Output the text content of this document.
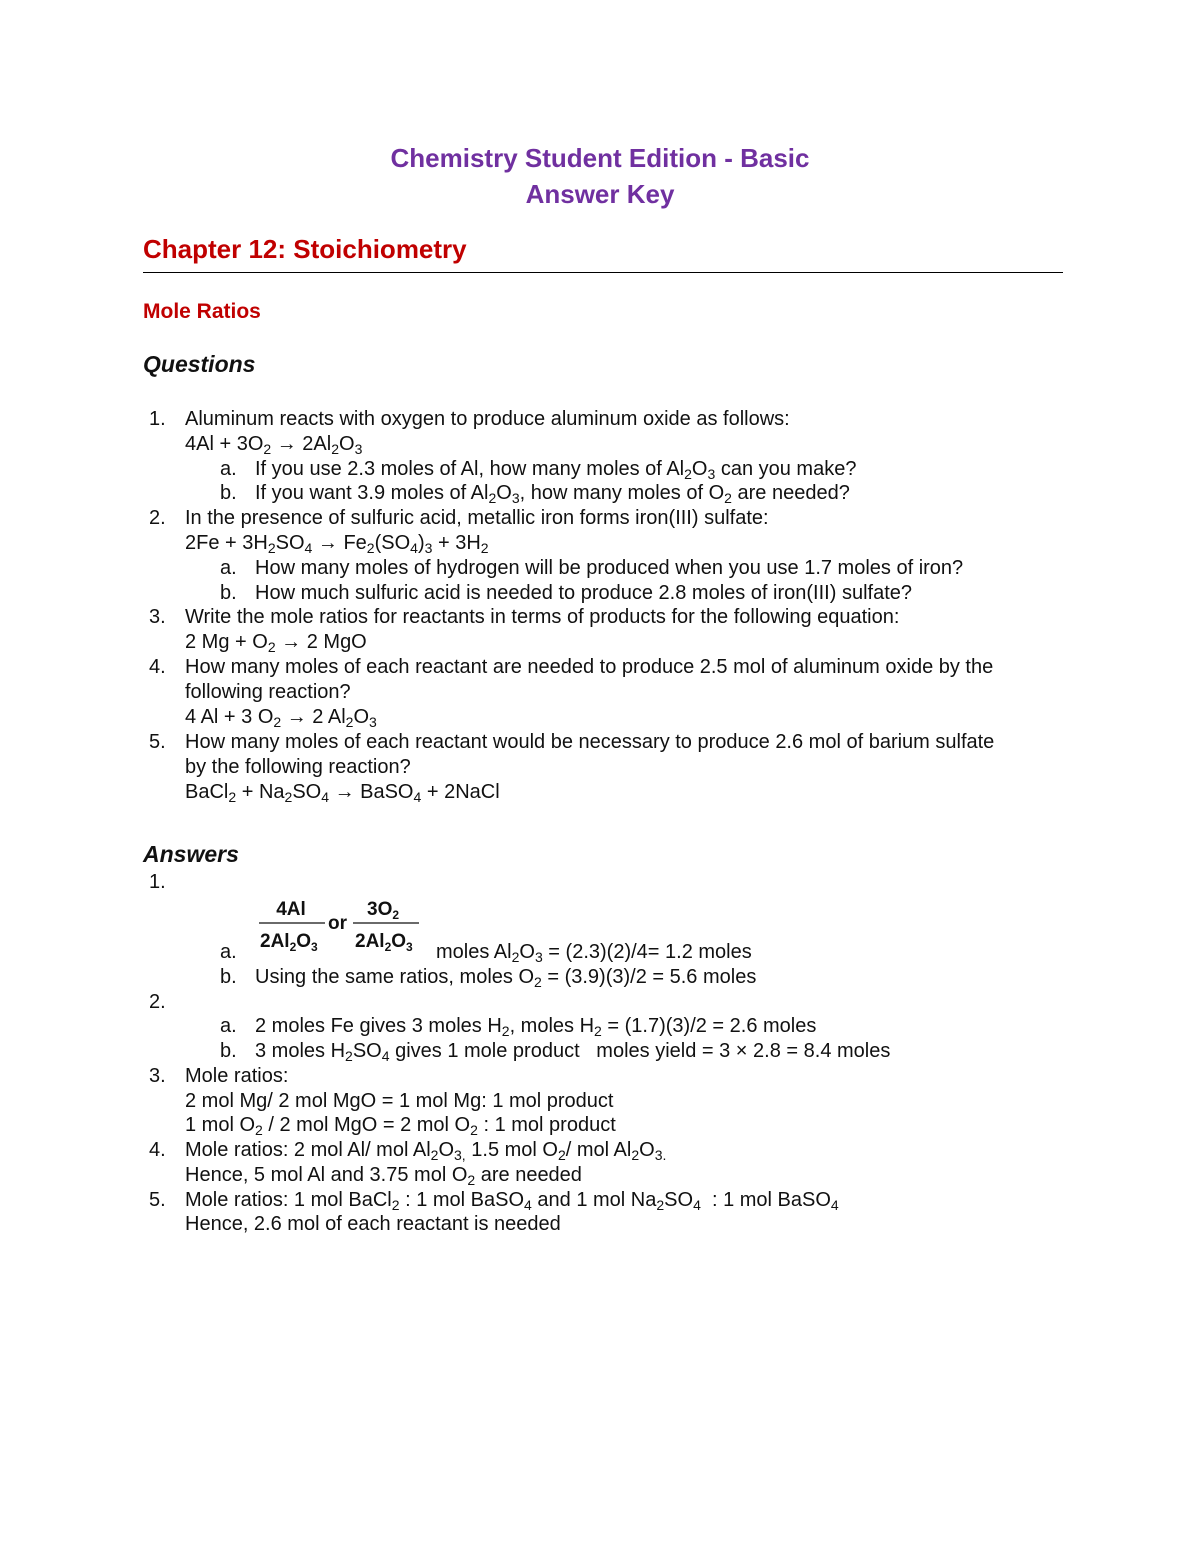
Chemistry Student Edition - Basic
Answer Key
Chapter 12: Stoichiometry
Mole Ratios
Questions
1. Aluminum reacts with oxygen to produce aluminum oxide as follows:
$4Al + 3O_2 \to 2Al_2O_3$
a. If you use 2.3 moles of Al, how many moles of $Al_2O_3$ can you make?
b. If you want 3.9 moles of $Al_2O_3$, how many moles of $O_2$ are needed?
2. In the presence of sulfuric acid, metallic iron forms iron(III) sulfate:
$2Fe + 3H_2SO_4 \to Fe_2(SO_4)_3 + 3H_2$
a. How many moles of hydrogen will be produced when you use 1.7 moles of iron?
b. How much sulfuric acid is needed to produce 2.8 moles of iron(III) sulfate?
3. Write the mole ratios for reactants in terms of products for the following equation:
2 $Mg + O_2 \to 2$ MgO
4. How many moles of each reactant are needed to produce 2.5 mol of aluminum oxide by the
following reaction?
4 Al + 3 $O_2 \to 2$ $Al_2O_3$
5. How many moles of each reactant would be necessary to produce 2.6 mol of barium sulfate
by the following reaction?
BaCl$_2$ + $Na_2SO_4$ → BaSO$_4$ + 2NaCl
Answers
1.
4Al
$2Al_2O_3$
or
$3O_2$
$2Al_2O_3$
a.	moles $Al_2O_3 = (2.3)(2)/4= 1.2$ moles
b. Using the same ratios, moles $O_2 = (3.9)(3)/2 = 5.6$ moles
2.
a. 2 moles Fe gives 3 moles $H_2$, moles $H_2 = (1.7)(3)/2 = 2.6$ moles
b. 3 moles $H_2SO_4$ gives 1 mole product   moles yield = 3 × 2.8 = 8.4 moles
3. Mole ratios:
2 mol Mg/ 2 mol MgO = 1 mol Mg: 1 mol product
1 mol $O_2 / 2$ mol MgO = 2 mol $O_2$ : 1 mol product
4. Mole ratios: 2 mol Al/ mol $Al_2O_{3,}$ 1.5 mol $O_2/$ mol $Al_2O_{3.}$
Hence, 5 mol Al and 3.75 mol $O_2$ are needed
5. Mole ratios: 1 mol BaCl$_2$ : 1 mol BaSO$_4$ and 1 mol $Na_2SO_4$  : 1 mol BaSO$_4$
Hence, 2.6 mol of each reactant is needed
